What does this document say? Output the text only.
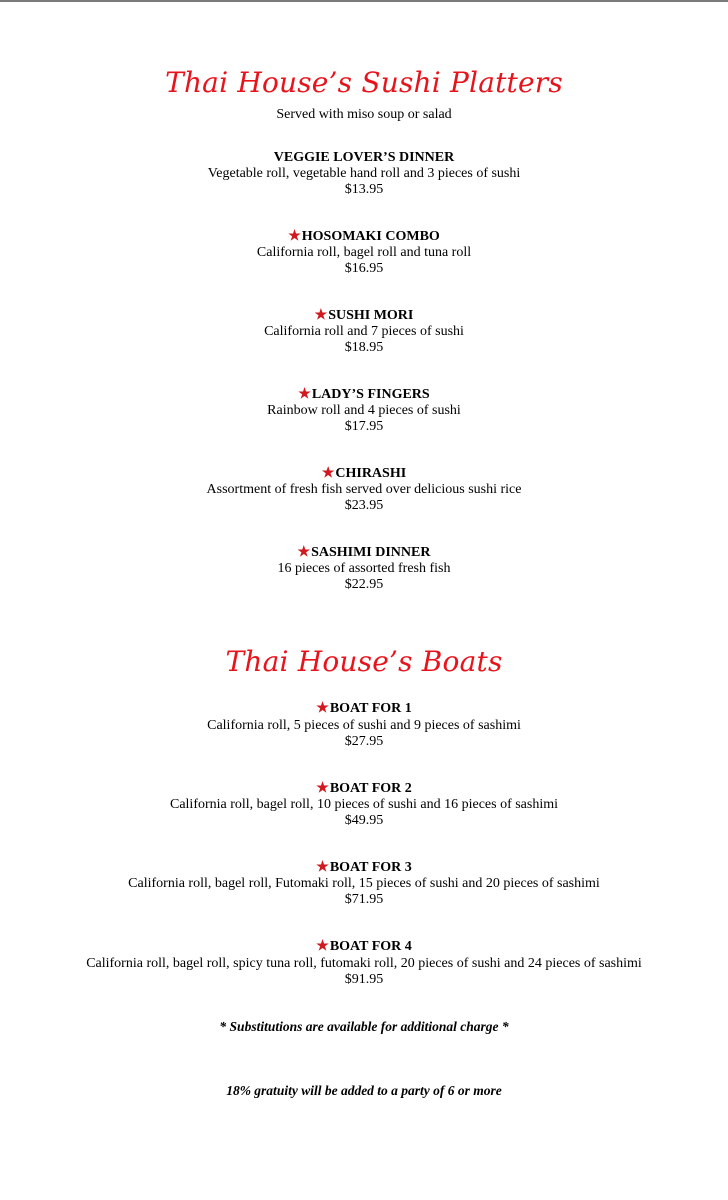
Thai House’s Sushi Platters
Served with miso soup or salad
VEGGIE LOVER’S DINNER
Vegetable roll, vegetable hand roll and 3 pieces of sushi
$13.95
★HOSOMAKI COMBO
California roll, bagel roll and tuna roll
$16.95
★SUSHI MORI
California roll and 7 pieces of sushi
$18.95
★LADY’S FINGERS
Rainbow roll and 4 pieces of sushi
$17.95
★CHIRASHI
Assortment of fresh fish served over delicious sushi rice
$23.95
★SASHIMI DINNER
16 pieces of assorted fresh fish
$22.95
Thai House’s Boats
★BOAT FOR 1
California roll, 5 pieces of sushi and 9 pieces of sashimi
$27.95
★BOAT FOR 2
California roll, bagel roll, 10 pieces of sushi and 16 pieces of sashimi
$49.95
★BOAT FOR 3
California roll, bagel roll, Futomaki roll, 15 pieces of sushi and 20 pieces of sashimi
$71.95
★BOAT FOR 4
California roll, bagel roll, spicy tuna roll, futomaki roll, 20 pieces of sushi and 24 pieces of sashimi
$91.95
* Substitutions are available for additional charge *
18% gratuity will be added to a party of 6 or more
